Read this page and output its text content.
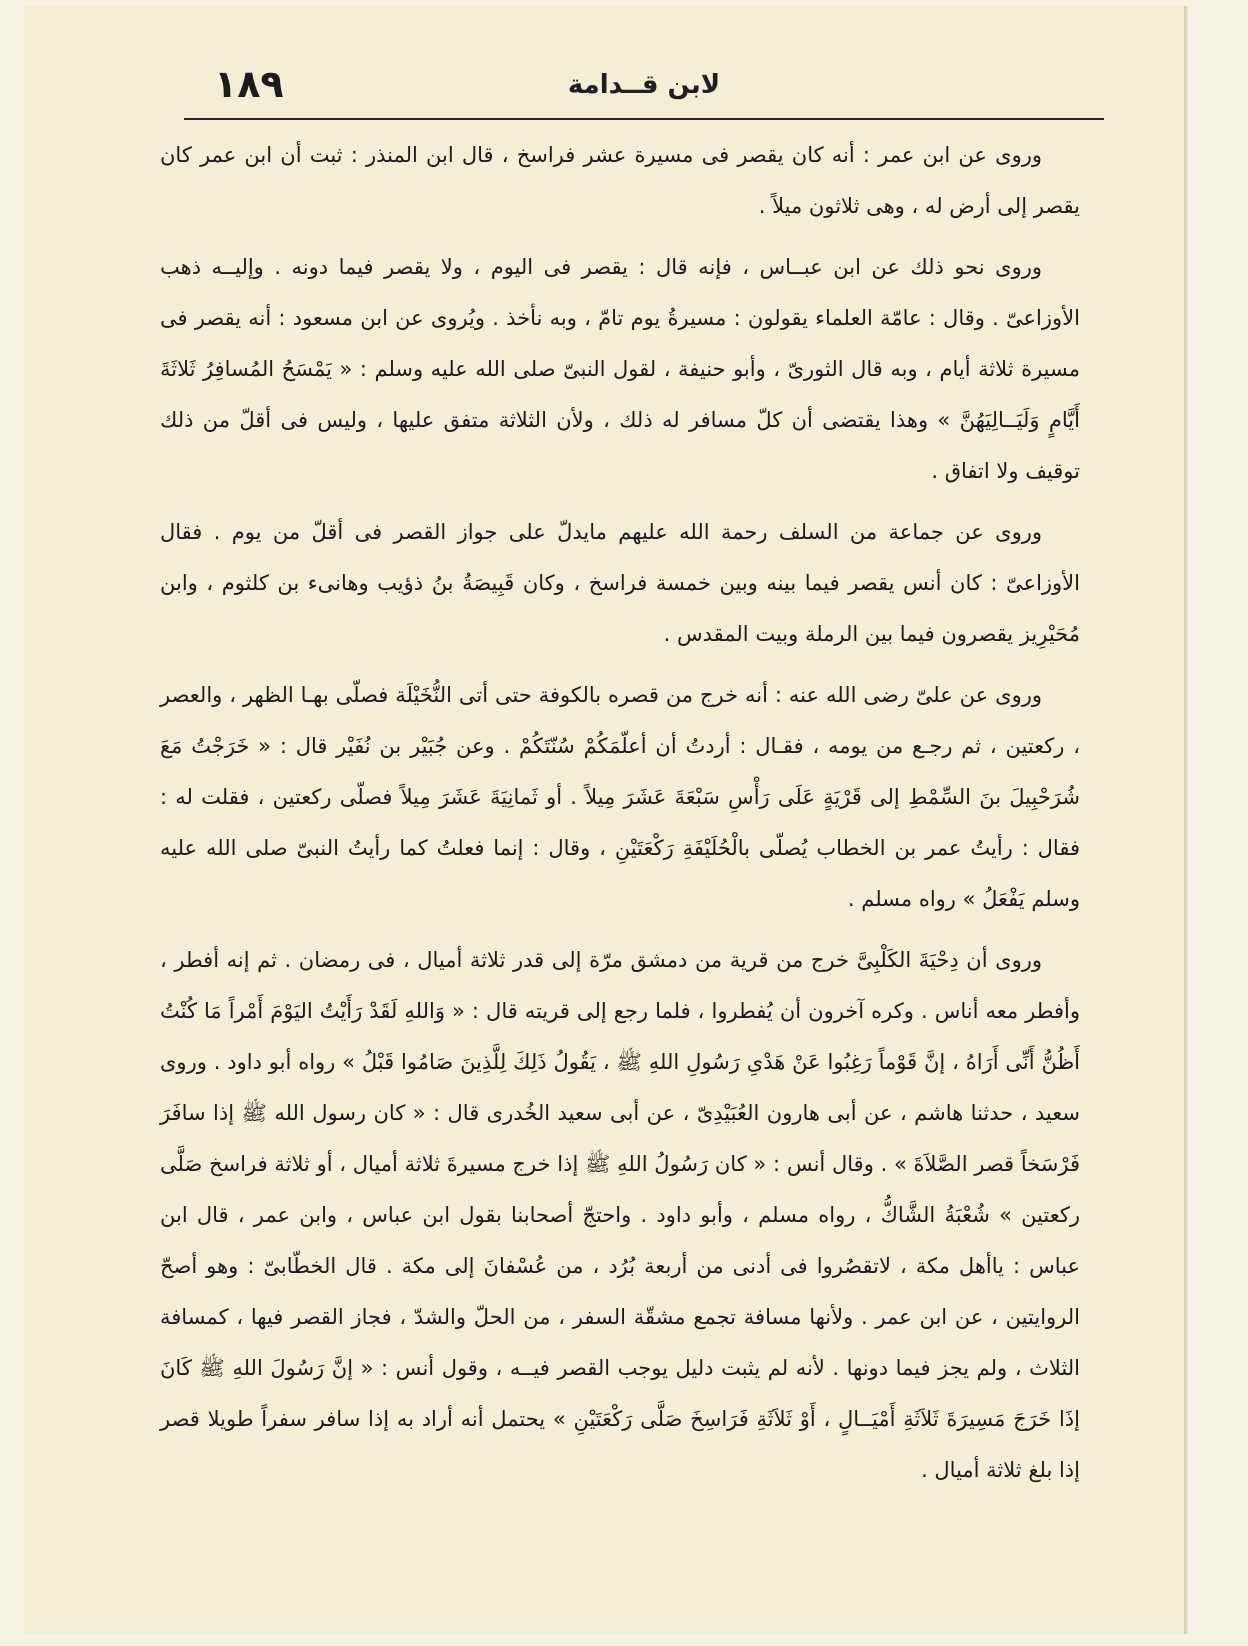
١٨٩	لابن قــدامة

وروى عن ابن عمر : أنه كان يقصر فى مسيرة عشر فراسخ ، قال ابن المنذر : ثبت أن ابن عمر كان يقصر إلى أرض له ، وهى ثلاثون ميلاً .

وروى نحو ذلك عن ابن عبــاس ، فإنه قال : يقصر فى اليوم ، ولا يقصر فيما دونه . وإليــه ذهب الأوزاعىّ . وقال : عامّة العلماء يقولون : مسيرةُ يوم تامّ ، وبه نأخذ . ويُروى عن ابن مسعود : أنه يقصر فى مسيرة ثلاثة أيام ، وبه قال الثورىّ ، وأبو حنيفة ، لقول النبىّ صلى الله عليه وسلم : « يَمْسَحُ المُسافِرُ ثَلاثَةَ أَيَّامٍ وَلَيَــالِيَهُنَّ » وهذا يقتضى أن كلّ مسافر له ذلك ، ولأن الثلاثة متفق عليها ، وليس فى أقلّ من ذلك توقيف ولا اتفاق .

وروى عن جماعة من السلف رحمة الله عليهم مايدلّ على جواز القصر فى أقلّ من يوم . فقال الأوزاعىّ : كان أنس يقصر فيما بينه وبين خمسة فراسخ ، وكان قَبِيصَةُ بنُ ذؤيب وهانىء بن كلثوم ، وابن مُحَيْرِيز يقصرون فيما بين الرملة وبيت المقدس .

وروى عن علىّ رضى الله عنه : أنه خرج من قصره بالكوفة حتى أتى النُّخَيْلَة فصلّى بهـا الظهر ، والعصر ، ركعتين ، ثم رجـع من يومه ، فقـال : أردتُ أن أعلّمَكُمْ سُنّتَكُمْ . وعن جُبَيْر بن نُفَيْر قال : « خَرَجْتُ مَعَ شُرَحْبِيلَ بنَ السِّمْطِ إلى قَرْيَةٍ عَلَى رَأْسِ سَبْعَةَ عَشَرَ مِيلاً . أو ثَمانِيَةَ عَشَرَ مِيلاً فصلّى ركعتين ، فقلت له : فقال : رأيتُ عمر بن الخطاب يُصلّى بالْحُلَيْفَةِ رَكْعَتَيْنِ ، وقال : إنما فعلتُ كما رأيتُ النبىّ صلى الله عليه وسلم يَفْعَلُ » رواه مسلم .

وروى أن دِحْيَةَ الكَلْبِىَّ خرج من قرية من دمشق مرّة إلى قدر ثلاثة أميال ، فى رمضان . ثم إنه أفطر ، وأفطر معه أناس . وكره آخرون أن يُفطروا ، فلما رجع إلى قريته قال : « وَاللهِ لَقَدْ رَأَيْتُ اليَوْمَ أَمْراً مَا كُنْتُ أَظُنُّ أَنِّى أَرَاهُ ، إنَّ قَوْماً رَغِبُوا عَنْ هَدْىِ رَسُولِ اللهِ ﷺ ، يَقُولُ ذَلِكَ لِلَّذِينَ صَامُوا قَبْلُ » رواه أبو داود . وروى سعيد ، حدثنا هاشم ، عن أبى هارون العُبَيْدِىّ ، عن أبى سعيد الخُدرى قال : « كان رسول الله ﷺ إذا سافَرَ فَرْسَخاً قصر الصَّلاَةَ » . وقال أنس : « كان رَسُولُ اللهِ ﷺ إذا خرج مسيرةَ ثلاثة أميال ، أو ثلاثة فراسخ صَلَّى ركعتين » شُعْبَةُ الشَّاكُّ ، رواه مسلم ، وأبو داود . واحتجّ أصحابنا بقول ابن عباس ، وابن عمر ، قال ابن عباس : ياأهل مكة ، لاتقصُروا فى أدنى من أربعة بُرُد ، من عُسْفانَ إلى مكة . قال الخطّابىّ : وهو أصحّ الروايتين ، عن ابن عمر . ولأنها مسافة تجمع مشقّة السفر ، من الحلّ والشدّ ، فجاز القصر فيها ، كمسافة الثلاث ، ولم يجز فيما دونها . لأنه لم يثبت دليل يوجب القصر فيــه ، وقول أنس : « إنَّ رَسُولَ اللهِ ﷺ كَانَ إذَا خَرَجَ مَسِيرَةَ ثَلاَثَةِ أَمْيَــالٍ ، أَوْ ثَلاَثَةِ فَرَاسِخَ صَلَّى رَكْعَتَيْنِ » يحتمل أنه أراد به إذا سافر سفراً طويلا قصر إذا بلغ ثلاثة أميال .
